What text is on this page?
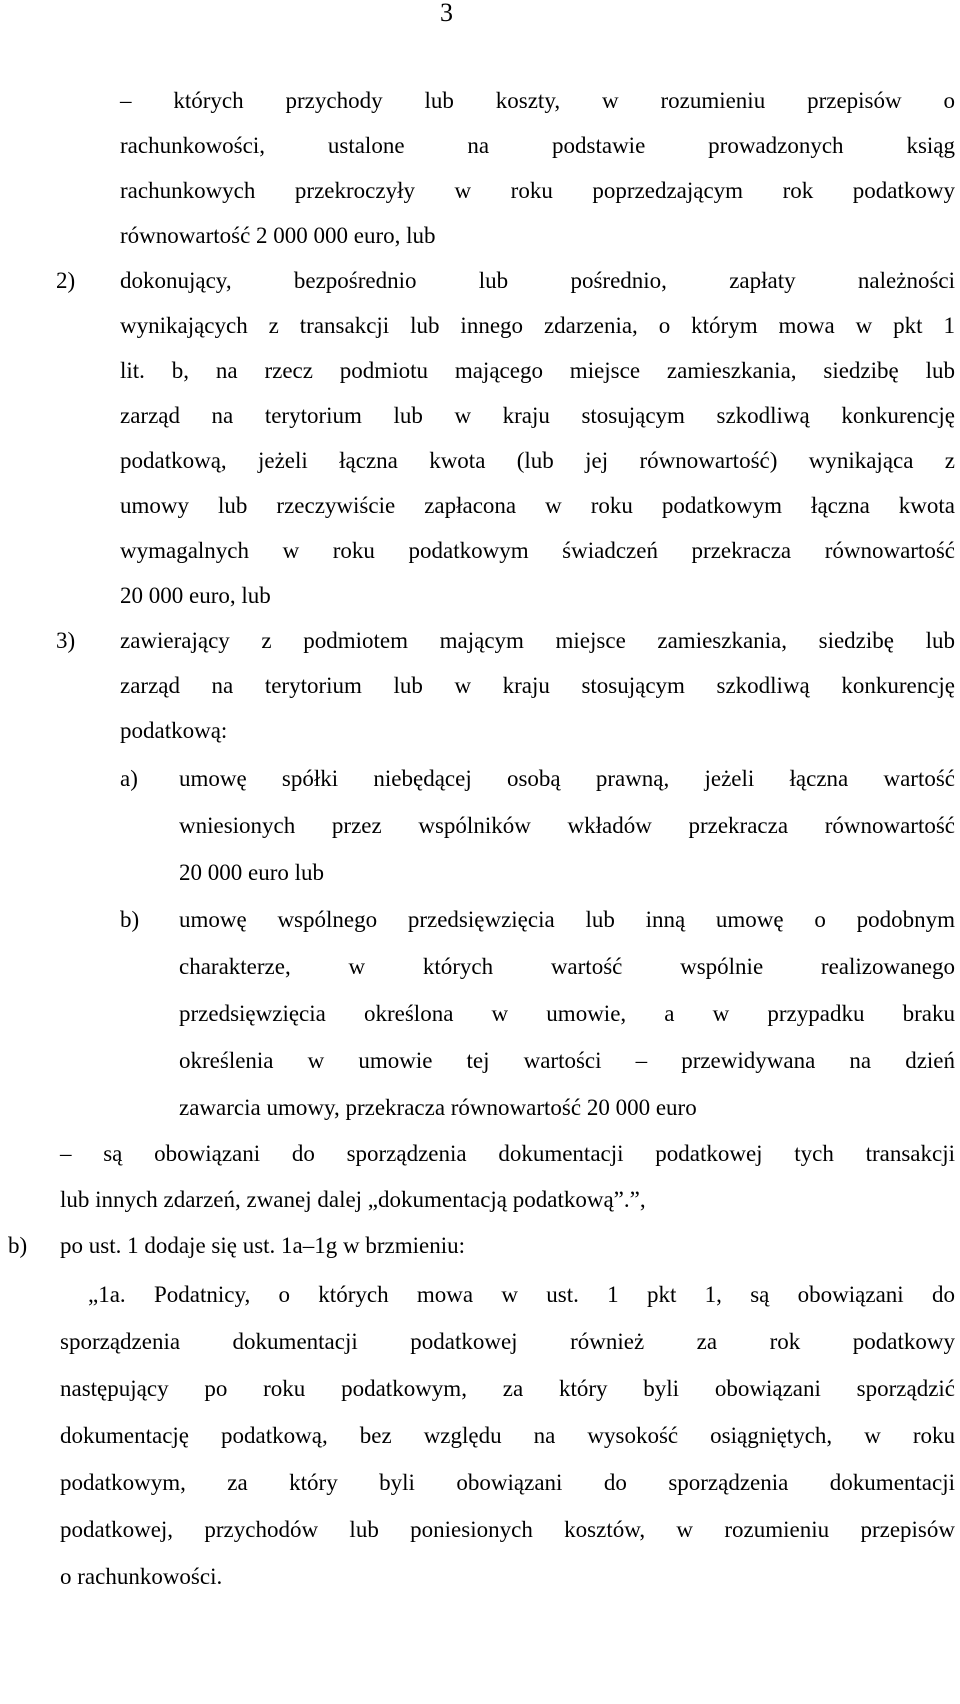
3
– których przychody lub koszty, w rozumieniu przepisów o
rachunkowości, ustalone na podstawie prowadzonych ksiąg
rachunkowych przekroczyły w roku poprzedzającym rok podatkowy
równowartość 2 000 000 euro, lub
2) dokonujący, bezpośrednio lub pośrednio, zapłaty należności
wynikających z transakcji lub innego zdarzenia, o którym mowa w pkt 1
lit. b, na rzecz podmiotu mającego miejsce zamieszkania, siedzibę lub
zarząd na terytorium lub w kraju stosującym szkodliwą konkurencję
podatkową, jeżeli łączna kwota (lub jej równowartość) wynikająca z
umowy lub rzeczywiście zapłacona w roku podatkowym łączna kwota
wymagalnych w roku podatkowym świadczeń przekracza równowartość
20 000 euro, lub
3) zawierający z podmiotem mającym miejsce zamieszkania, siedzibę lub
zarząd na terytorium lub w kraju stosującym szkodliwą konkurencję
podatkową:
a) umowę spółki niebędącej osobą prawną, jeżeli łączna wartość
wniesionych przez wspólników wkładów przekracza równowartość
20 000 euro lub
b) umowę wspólnego przedsięwzięcia lub inną umowę o podobnym
charakterze, w których wartość wspólnie realizowanego
przedsięwzięcia określona w umowie, a w przypadku braku
określenia w umowie tej wartości – przewidywana na dzień
zawarcia umowy, przekracza równowartość 20 000 euro
– są obowiązani do sporządzenia dokumentacji podatkowej tych transakcji
lub innych zdarzeń, zwanej dalej „dokumentacją podatkową”.”,
b) po ust. 1 dodaje się ust. 1a–1g w brzmieniu:
„1a. Podatnicy, o których mowa w ust. 1 pkt 1, są obowiązani do
sporządzenia dokumentacji podatkowej również za rok podatkowy
następujący po roku podatkowym, za który byli obowiązani sporządzić
dokumentację podatkową, bez względu na wysokość osiągniętych, w roku
podatkowym, za który byli obowiązani do sporządzenia dokumentacji
podatkowej, przychodów lub poniesionych kosztów, w rozumieniu przepisów
o rachunkowości.
